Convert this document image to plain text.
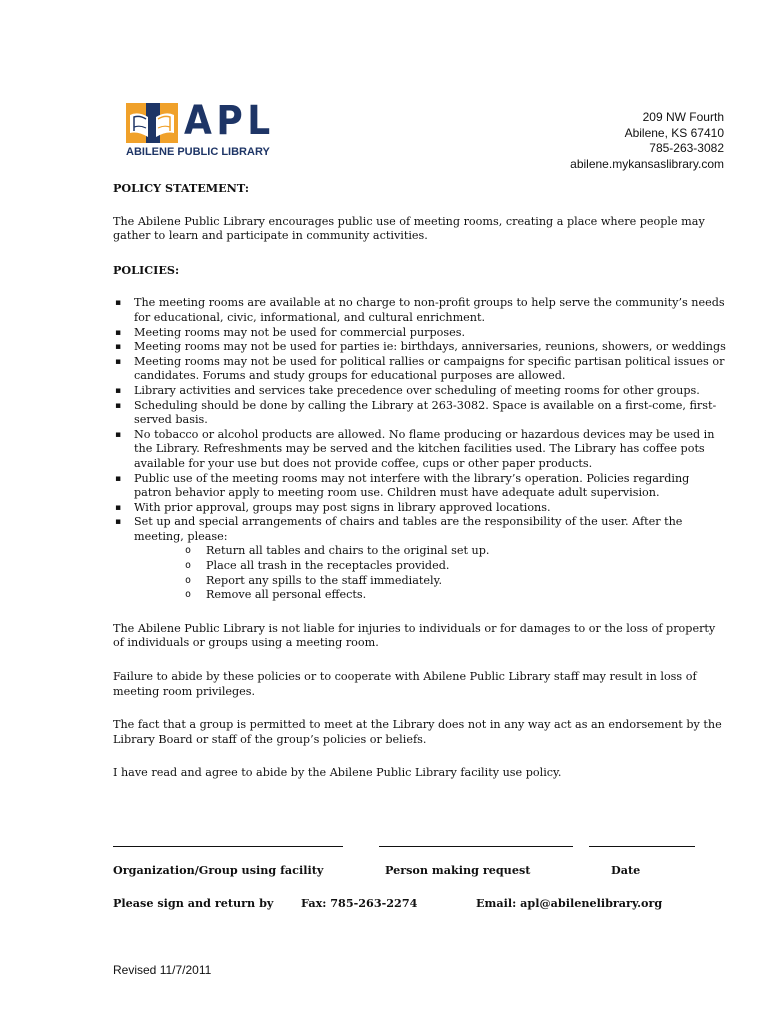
APL
ABILENE PUBLIC LIBRARY
209 NW Fourth
Abilene, KS 67410
785-263-3082
abilene.mykansaslibrary.com

POLICY STATEMENT:

The Abilene Public Library encourages public use of meeting rooms, creating a place where people may gather to learn and participate in community activities.

POLICIES:

▪ The meeting rooms are available at no charge to non-profit groups to help serve the community’s needs for educational, civic, informational, and cultural enrichment.
▪ Meeting rooms may not be used for commercial purposes.
▪ Meeting rooms may not be used for parties ie: birthdays, anniversaries, reunions, showers, or weddings
▪ Meeting rooms may not be used for political rallies or campaigns for specific partisan political issues or candidates. Forums and study groups for educational purposes are allowed.
▪ Library activities and services take precedence over scheduling of meeting rooms for other groups.
▪ Scheduling should be done by calling the Library at 263-3082. Space is available on a first-come, first-served basis.
▪ No tobacco or alcohol products are allowed. No flame producing or hazardous devices may be used in the Library. Refreshments may be served and the kitchen facilities used. The Library has coffee pots available for your use but does not provide coffee, cups or other paper products.
▪ Public use of the meeting rooms may not interfere with the library’s operation. Policies regarding patron behavior apply to meeting room use. Children must have adequate adult supervision.
▪ With prior approval, groups may post signs in library approved locations.
▪ Set up and special arrangements of chairs and tables are the responsibility of the user. After the meeting, please:
o Return all tables and chairs to the original set up.
o Place all trash in the receptacles provided.
o Report any spills to the staff immediately.
o Remove all personal effects.

The Abilene Public Library is not liable for injuries to individuals or for damages to or the loss of property of individuals or groups using a meeting room.

Failure to abide by these policies or to cooperate with Abilene Public Library staff may result in loss of meeting room privileges.

The fact that a group is permitted to meet at the Library does not in any way act as an endorsement by the Library Board or staff of the group’s policies or beliefs.

I have read and agree to abide by the Abilene Public Library facility use policy.

Organization/Group using facility	Person making request	Date
Please sign and return by Fax: 785-263-2274	Email: apl@abilenelibrary.org
Revised 11/7/2011
